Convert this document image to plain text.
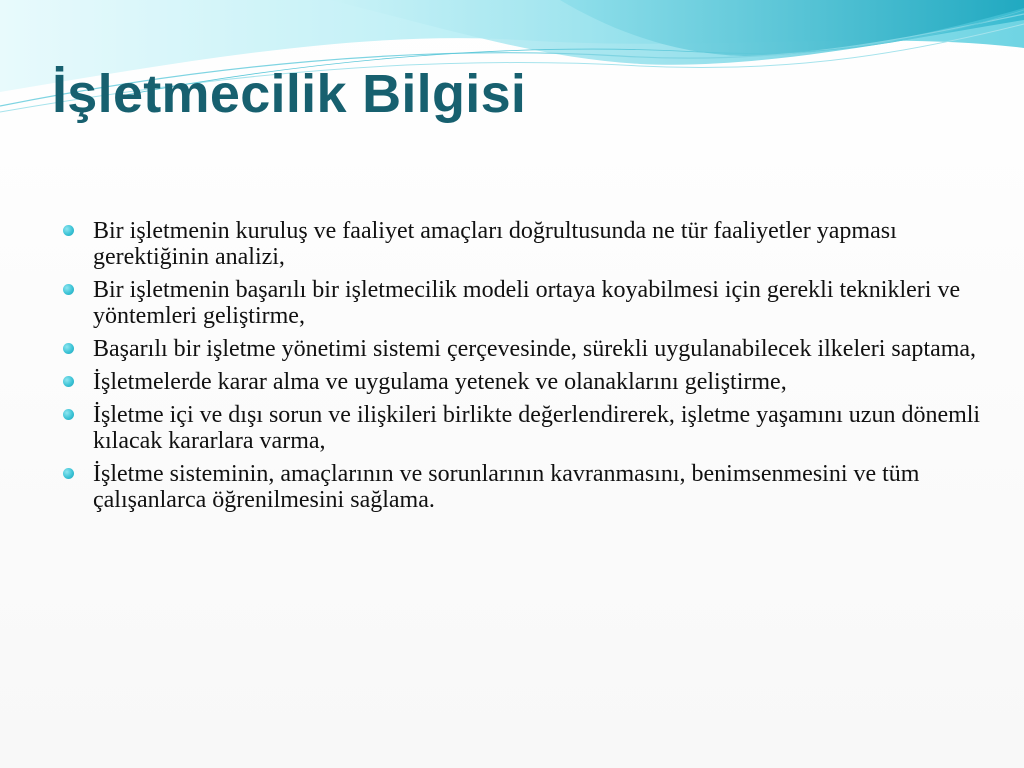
İşletmecilik Bilgisi
Bir işletmenin kuruluş ve faaliyet amaçları doğrultusunda ne tür faaliyetler yapması gerektiğinin analizi,
Bir işletmenin başarılı bir işletmecilik modeli ortaya koyabilmesi için gerekli teknikleri ve yöntemleri geliştirme,
Başarılı bir işletme yönetimi sistemi çerçevesinde, sürekli uygulanabilecek ilkeleri saptama,
İşletmelerde karar alma ve uygulama yetenek ve olanaklarını geliştirme,
İşletme içi ve dışı sorun ve ilişkileri birlikte değerlendirerek, işletme yaşamını uzun dönemli kılacak kararlara varma,
İşletme sisteminin, amaçlarının ve sorunlarının kavranmasını, benimsenmesini ve tüm çalışanlarca öğrenilmesini sağlama.
